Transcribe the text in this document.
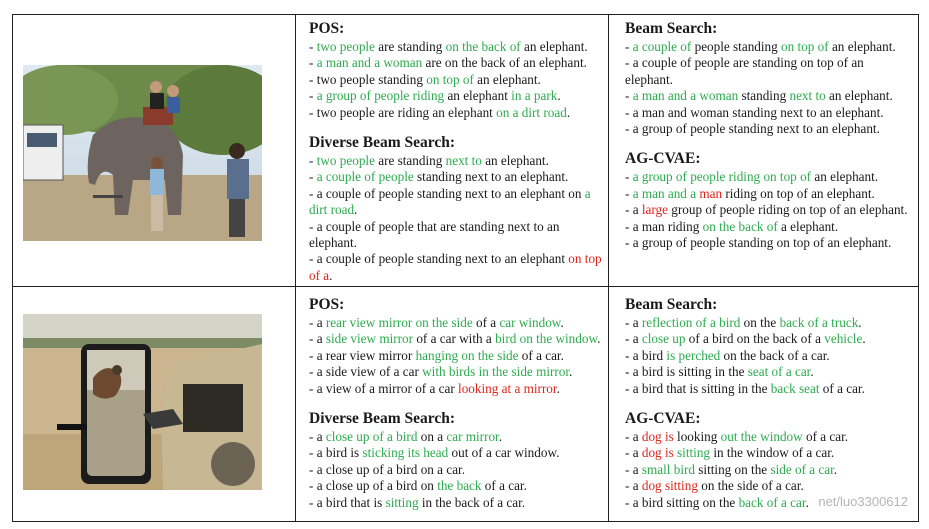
POS:
- two people are standing on the back of an elephant.
- a man and a woman are on the back of an elephant.
- two people standing on top of an elephant.
- a group of people riding an elephant in a park.
- two people are riding an elephant on a dirt road.
Diverse Beam Search:
- two people are standing next to an elephant.
- a couple of people standing next to an elephant.
- a couple of people standing next to an elephant on a dirt road.
- a couple of people that are standing next to an elephant.
- a couple of people standing next to an elephant on top of a.
Beam Search:
- a couple of people standing on top of an elephant.
- a couple of people are standing on top of an elephant.
- a man and a woman standing next to an elephant.
- a man and woman standing next to an elephant.
- a group of people standing next to an elephant.
AG-CVAE:
- a group of people riding on top of an elephant.
- a man and a man riding on top of an elephant.
- a large group of people riding on top of an elephant.
- a man riding on the back of a elephant.
- a group of people standing on top of an elephant.
POS:
- a rear view mirror on the side of a car window.
- a side view mirror of a car with a bird on the window.
- a rear view mirror hanging on the side of a car.
- a side view of a car with birds in the side mirror.
- a view of a mirror of a car looking at a mirror.
Diverse Beam Search:
- a close up of a bird on a car mirror.
- a bird is sticking its head out of a car window.
- a close up of a bird on a car.
- a close up of a bird on the back of a car.
- a bird that is sitting in the back of a car.
Beam Search:
- a reflection of a bird on the back of a truck.
- a close up of a bird on the back of a vehicle.
- a bird is perched on the back of a car.
- a bird is sitting in the seat of a car.
- a bird that is sitting in the back seat of a car.
AG-CVAE:
- a dog is looking out the window of a car.
- a dog is sitting in the window of a car.
- a small bird sitting on the side of a car.
- a dog sitting on the side of a car.
- a bird sitting on the back of a car. net/luo3300612
